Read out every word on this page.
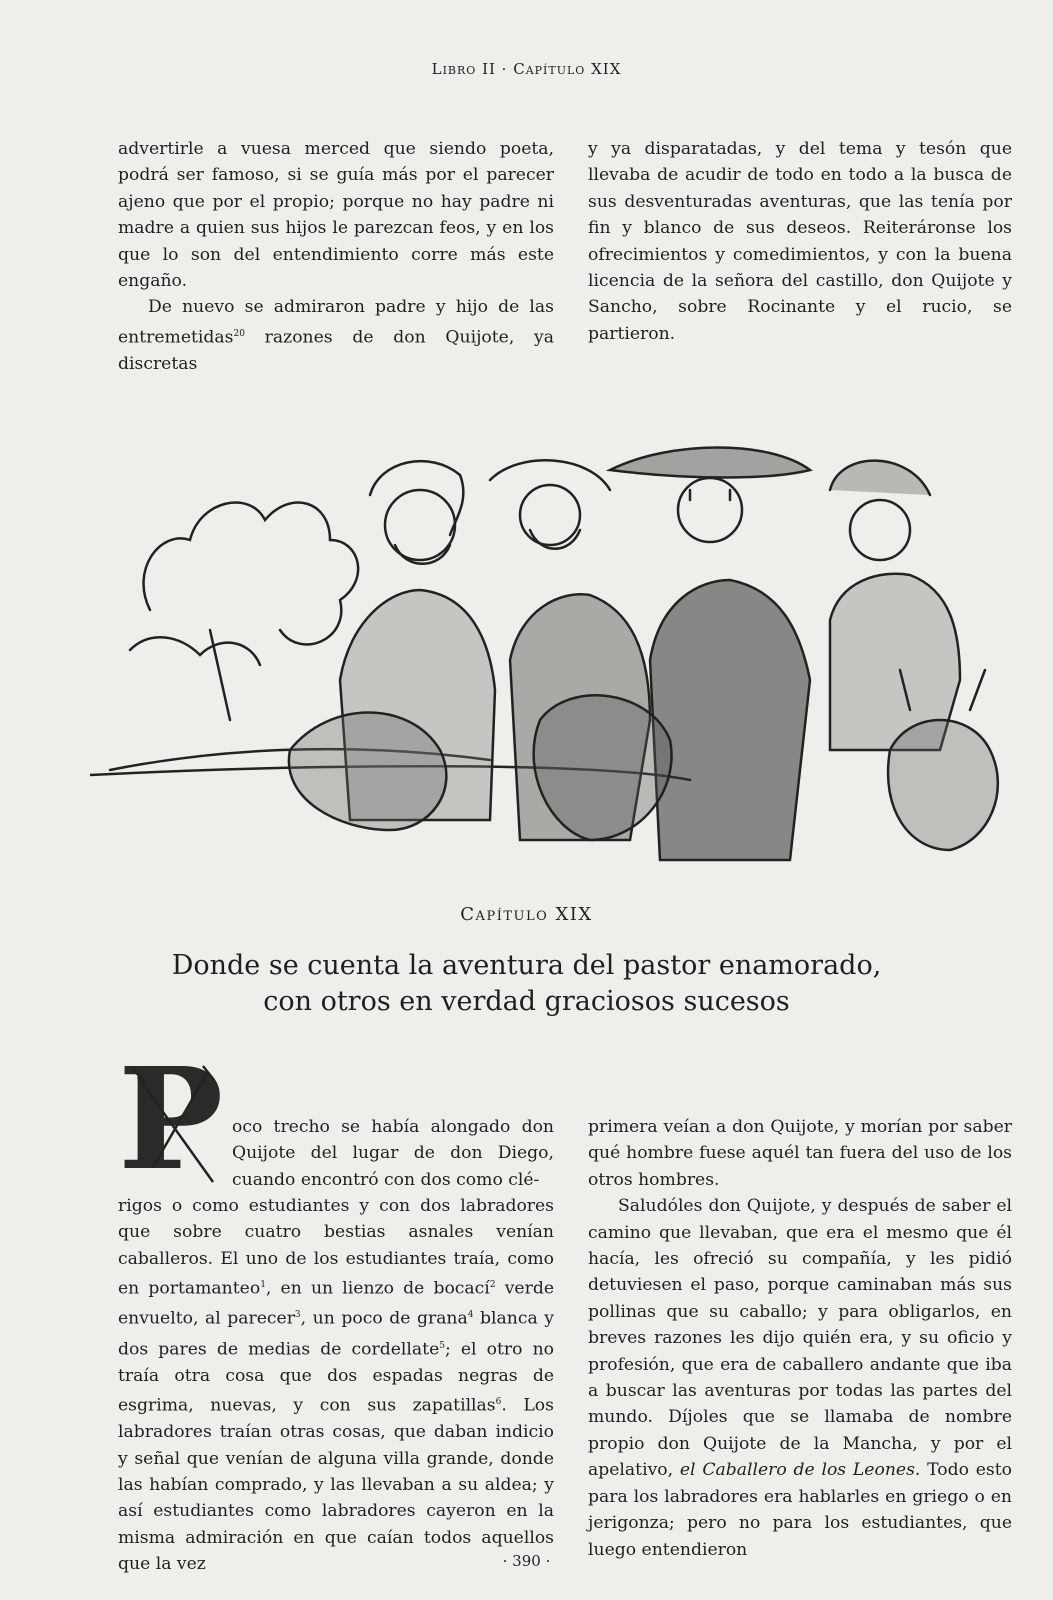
Libro II · Capítulo XIX

advertirle a vuesa merced que siendo poeta, podrá ser famoso, si se guía más por el parecer ajeno que por el propio; porque no hay padre ni madre a quien sus hijos le parezcan feos, y en los que lo son del entendimiento corre más este engaño.

De nuevo se admiraron padre y hijo de las entremetidas$^{20}$ razones de don Quijote, ya discretas

y ya disparatadas, y del tema y tesón que llevaba de acudir de todo en todo a la busca de sus desventuradas aventuras, que las tenía por fin y blanco de sus deseos. Reiteráronse los ofrecimientos y comedimientos, y con la buena licencia de la señora del castillo, don Quijote y Sancho, sobre Rocinante y el rucio, se partieron.

Capítulo XIX
Donde se cuenta la aventura del pastor enamorado,
con otros en verdad graciosos sucesos
P oco trecho se había alongado don Quijote del lugar de don Diego, cuando encontró con dos como clé-

rigos o como estudiantes y con dos labradores que sobre cuatro bestias asnales venían caballeros. El uno de los estudiantes traía, como en portamanteo$^1$, en un lienzo de bocací$^2$ verde envuelto, al parecer$^3$, un poco de grana$^4$ blanca y dos pares de medias de cordellate$^5$; el otro no traía otra cosa que dos espadas negras de esgrima, nuevas, y con sus zapatillas$^6$. Los labradores traían otras cosas, que daban indicio y señal que venían de alguna villa grande, donde las habían comprado, y las llevaban a su aldea; y así estudiantes como labradores cayeron en la misma admiración en que caían todos aquellos que la vez

primera veían a don Quijote, y morían por saber qué hombre fuese aquél tan fuera del uso de los otros hombres.

Saludóles don Quijote, y después de saber el camino que llevaban, que era el mesmo que él hacía, les ofreció su compañía, y les pidió detuviesen el paso, porque caminaban más sus pollinas que su caballo; y para obligarlos, en breves razones les dijo quién era, y su oficio y profesión, que era de caballero andante que iba a buscar las aventuras por todas las partes del mundo. Díjoles que se llamaba de nombre propio don Quijote de la Mancha, y por el apelativo, el Caballero de los Leones. Todo esto para los labradores era hablarles en griego o en jerigonza; pero no para los estudiantes, que luego entendieron

· 390 ·
